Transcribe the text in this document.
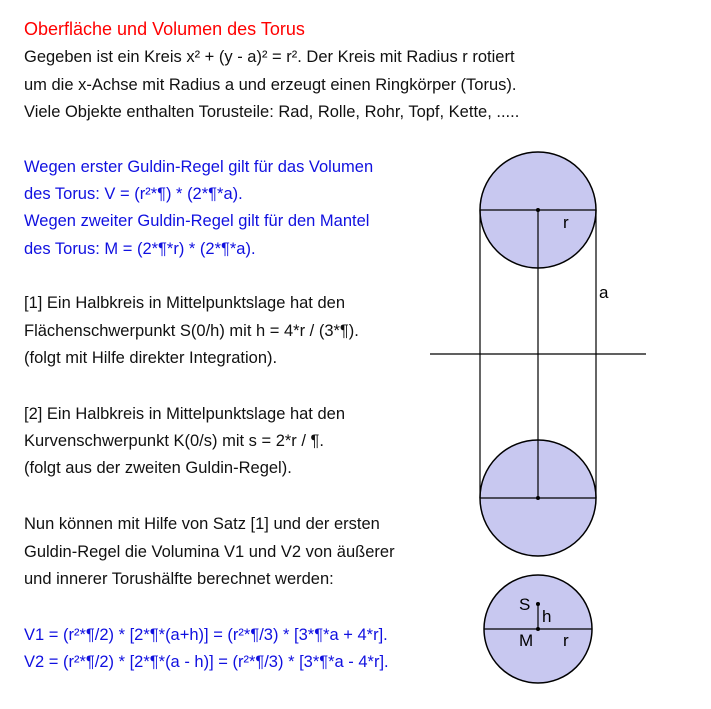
Oberfläche und Volumen des Torus
Gegeben ist ein Kreis x² + (y - a)² = r². Der Kreis mit Radius r rotiert
um die x-Achse mit Radius a und erzeugt einen Ringkörper (Torus).
Viele Objekte enthalten Torusteile: Rad, Rolle, Rohr, Topf, Kette, .....
Wegen erster Guldin-Regel gilt für das Volumen
des Torus: V = (r²*¶) * (2*¶*a).
Wegen zweiter Guldin-Regel gilt für den Mantel
des Torus: M = (2*¶*r) * (2*¶*a).
[1] Ein Halbkreis in Mittelpunktslage hat den
Flächenschwerpunkt S(0/h) mit h = 4*r / (3*¶).
(folgt mit Hilfe direkter Integration).
[2] Ein Halbkreis in Mittelpunktslage hat den
Kurvenschwerpunkt K(0/s) mit s = 2*r / ¶.
(folgt aus der zweiten Guldin-Regel).
Nun können mit Hilfe von Satz [1] und der ersten
Guldin-Regel die Volumina V1 und V2 von äußerer
und innerer Torushälfte berechnet werden:
V1 = (r²*¶/2) * [2*¶*(a+h)] = (r²*¶/3) * [3*¶*a + 4*r].
V2 = (r²*¶/2) * [2*¶*(a - h)] = (r²*¶/3) * [3*¶*a - 4*r].
r
a
S
h
M r
